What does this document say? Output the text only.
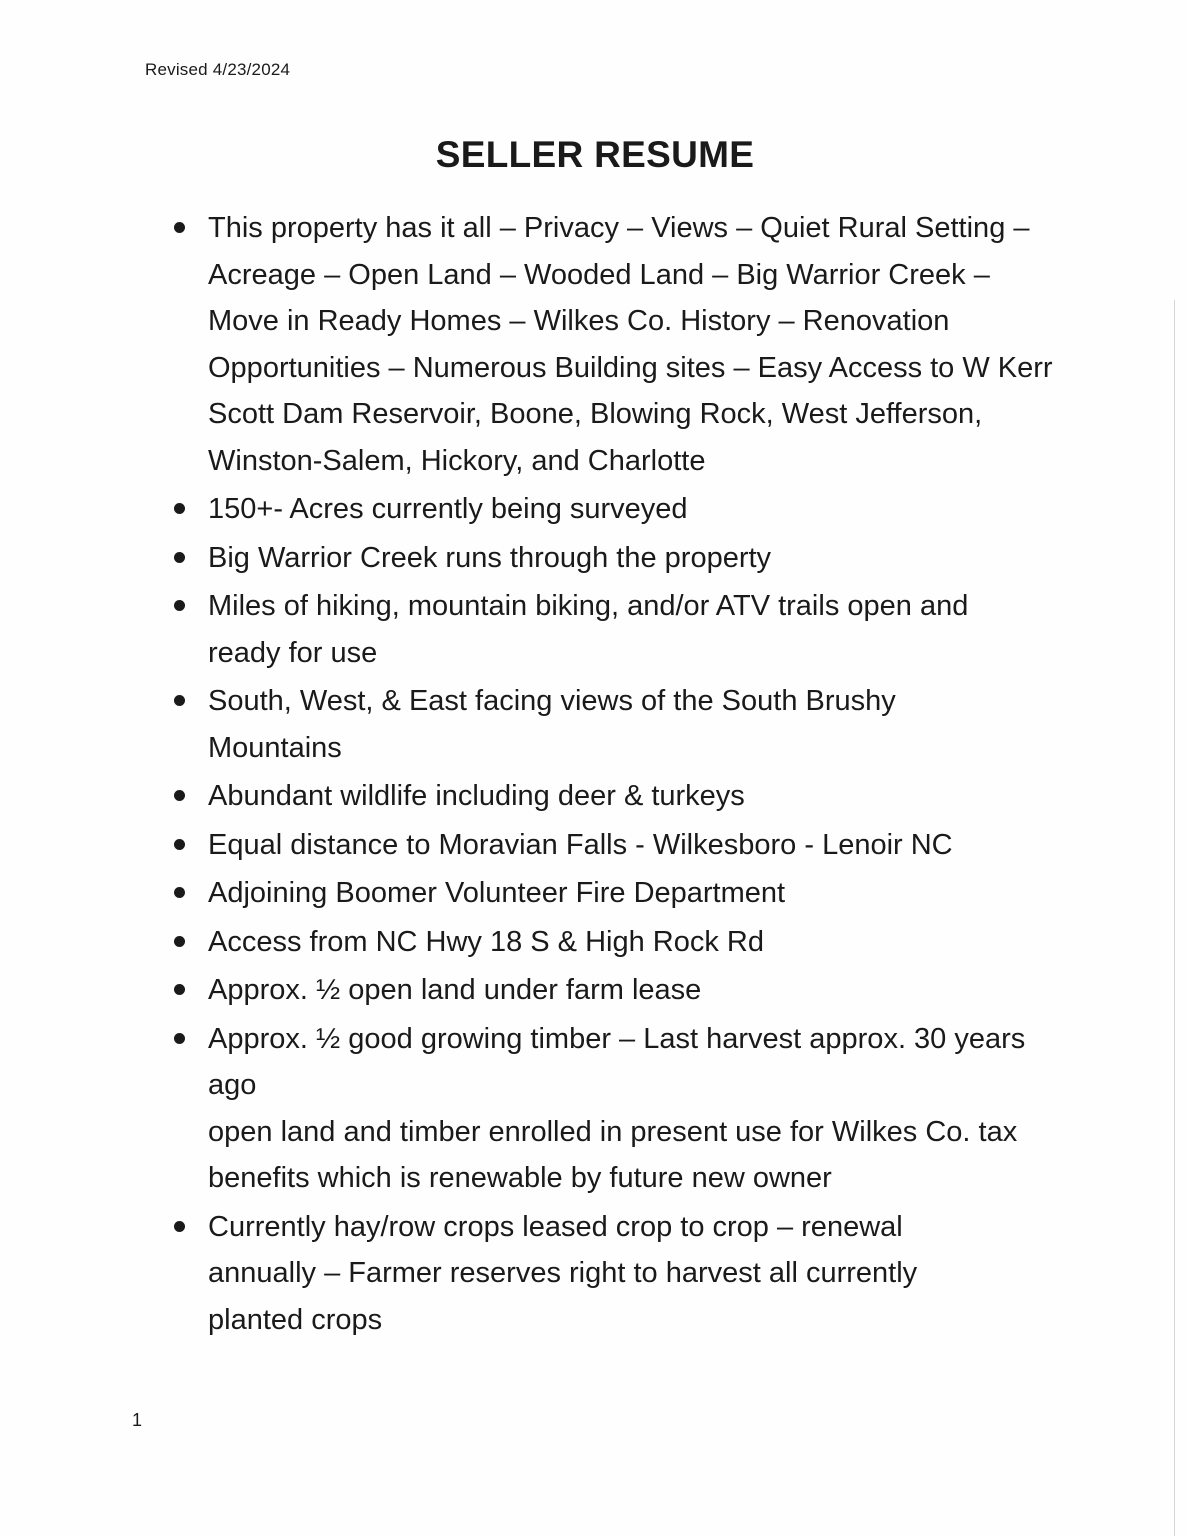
Revised 4/23/2024
SELLER RESUME
This property has it all – Privacy – Views – Quiet Rural Setting – Acreage – Open Land – Wooded Land – Big Warrior Creek – Move in Ready Homes – Wilkes Co. History – Renovation Opportunities – Numerous Building sites – Easy Access to W Kerr Scott Dam Reservoir, Boone, Blowing Rock, West Jefferson, Winston-Salem, Hickory, and Charlotte
150+- Acres currently being surveyed
Big Warrior Creek runs through the property
Miles of hiking, mountain biking, and/or ATV trails open and ready for use
South, West, & East facing views of the South Brushy Mountains
Abundant wildlife including deer & turkeys
Equal distance to Moravian Falls - Wilkesboro - Lenoir NC
Adjoining Boomer Volunteer Fire Department
Access from NC Hwy 18 S & High Rock Rd
Approx. ½ open land under farm lease
Approx. ½ good growing timber – Last harvest approx. 30 years ago
open land and timber enrolled in present use for Wilkes Co. tax benefits which is renewable by future new owner
Currently hay/row crops leased crop to crop – renewal annually – Farmer reserves right to harvest all currently planted crops
1
